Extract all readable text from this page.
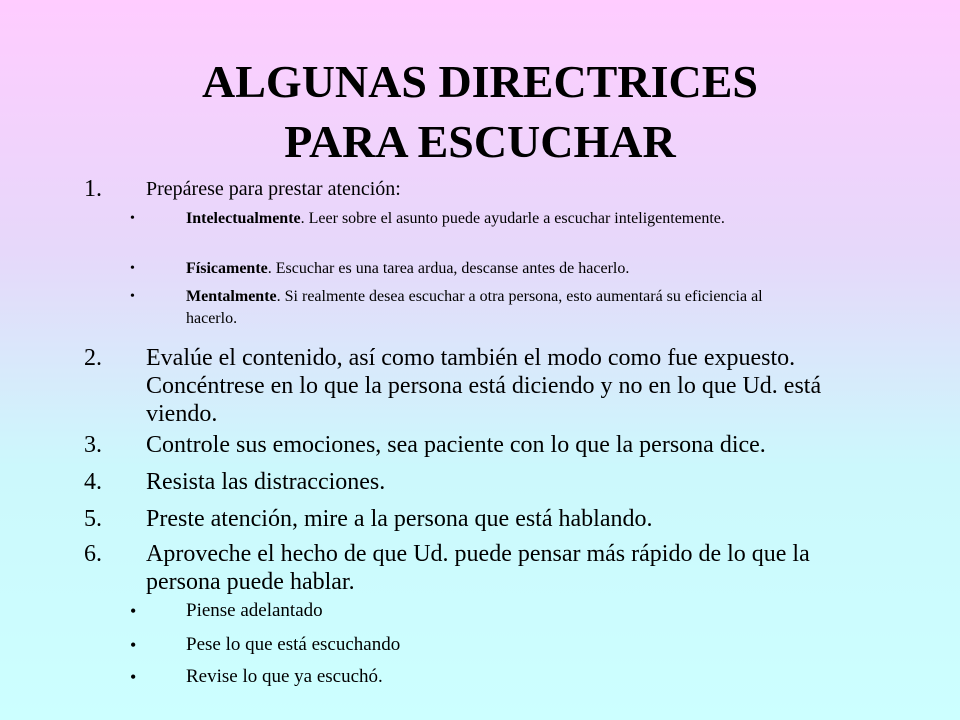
ALGUNAS DIRECTRICES
PARA ESCUCHAR
1. Prepárese para prestar atención:
•	Intelectualmente. Leer sobre el asunto puede ayudarle a escuchar inteligentemente.
•	Físicamente. Escuchar es una tarea ardua, descanse antes de hacerlo.
•	Mentalmente. Si realmente desea escuchar a otra persona, esto aumentará su eficiencia al hacerlo.
2. Evalúe el contenido, así como también el modo como fue expuesto. Concéntrese en lo que la persona está diciendo y no en lo que Ud. está viendo.
3. Controle sus emociones, sea paciente con lo que la persona dice.
4. Resista las distracciones.
5. Preste atención, mire a la persona que está hablando.
6. Aproveche el hecho de que Ud. puede pensar más rápido de lo que la persona puede hablar.
•	Piense adelantado
•	Pese lo que está escuchando
•	Revise lo que ya escuchó.
